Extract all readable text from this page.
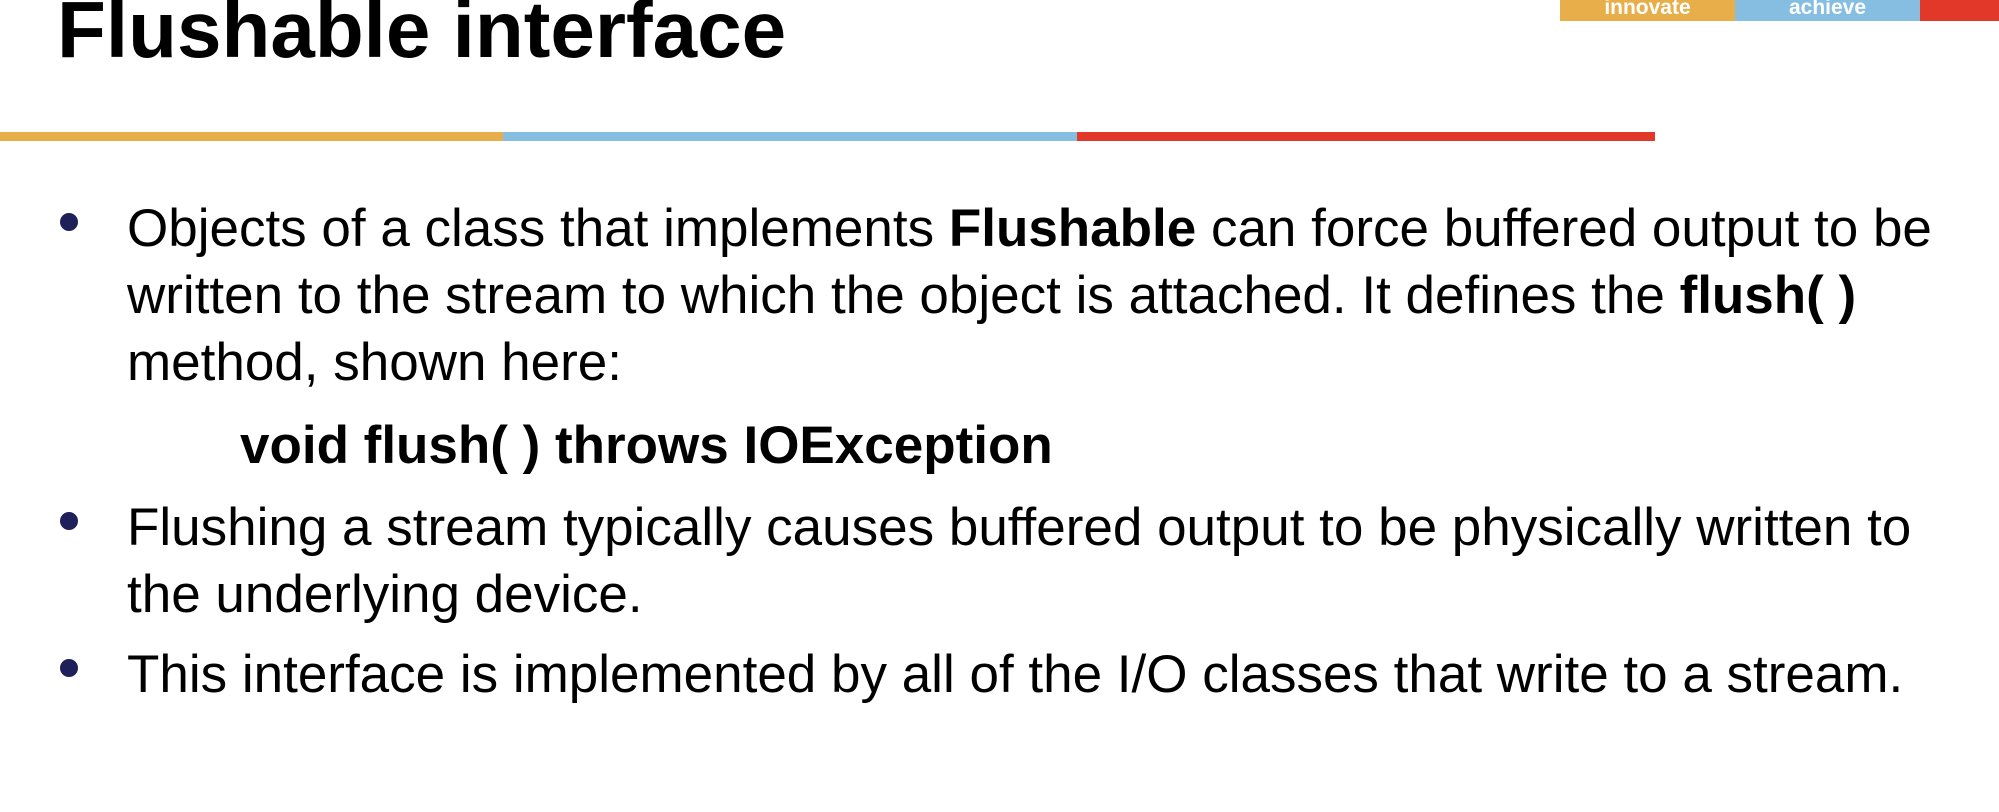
Flushable interface	innovate	achieve
Objects of a class that implements Flushable can force buffered output to be written to the stream to which the object is attached. It defines the flush( ) method, shown here:
void flush( ) throws IOException
Flushing a stream typically causes buffered output to be physically written to the underlying device.
This interface is implemented by all of the I/O classes that write to a stream.
